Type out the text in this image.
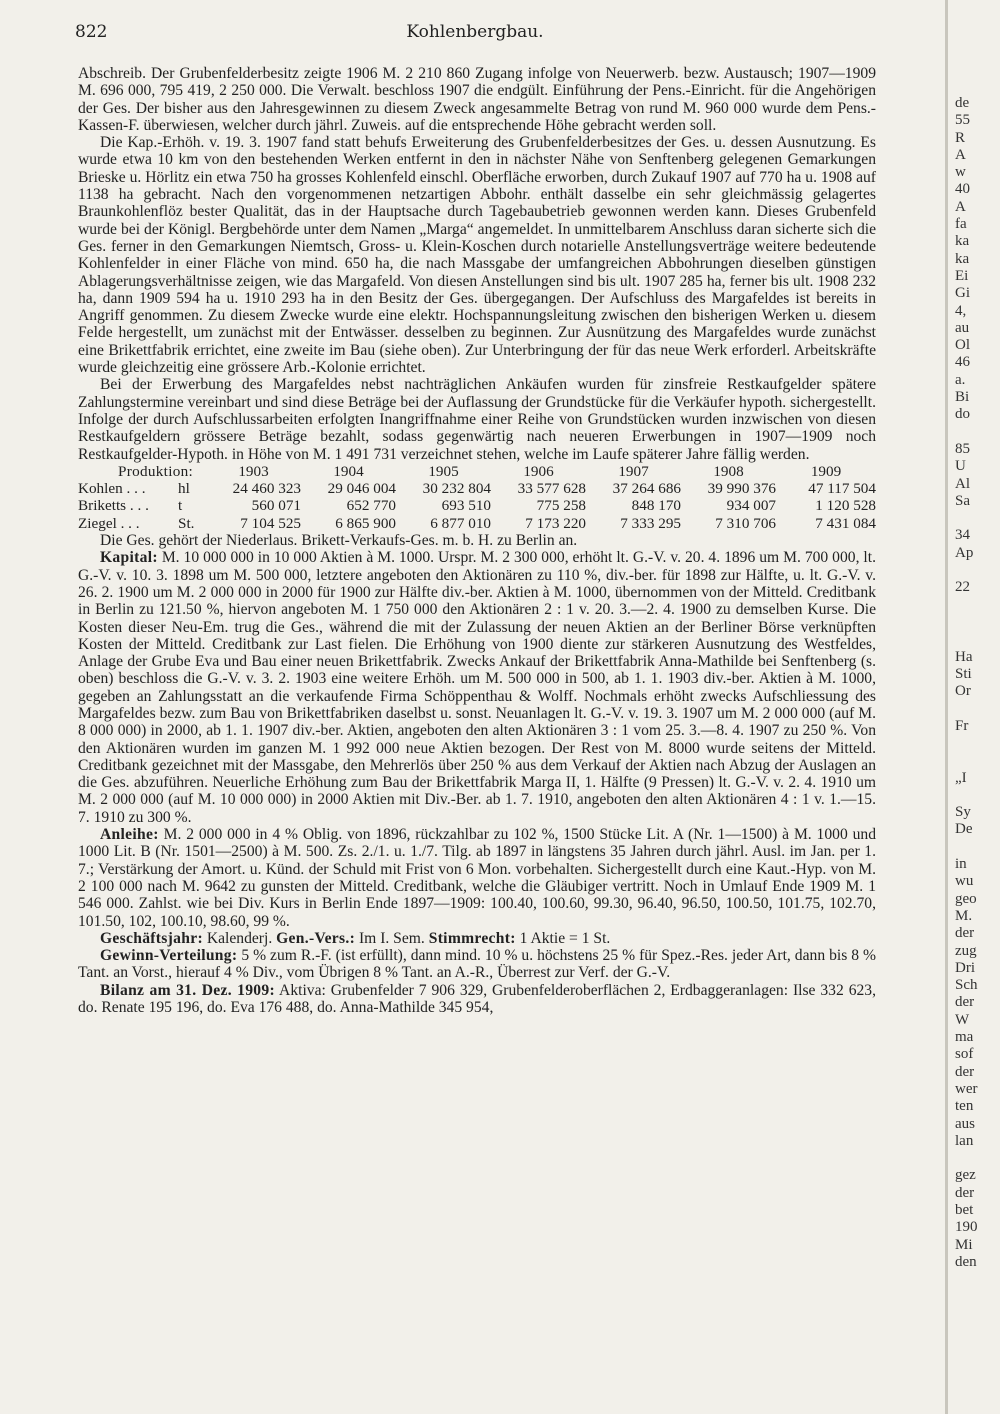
822	Kohlenbergbau.

Abschreib. Der Grubenfelderbesitz zeigte 1906 M. 2 210 860 Zugang infolge von Neuerwerb. bezw. Austausch; 1907—1909 M. 696 000, 795 419, 2 250 000. Die Verwalt. beschloss 1907 die endgült. Einführung der Pens.-Einricht. für die Angehörigen der Ges. Der bisher aus den Jahresgewinnen zu diesem Zweck angesammelte Betrag von rund M. 960 000 wurde dem Pens.-Kassen-F. überwiesen, welcher durch jährl. Zuweis. auf die entsprechende Höhe gebracht werden soll.

Die Kap.-Erhöh. v. 19. 3. 1907 fand statt behufs Erweiterung des Grubenfelderbesitzes der Ges. u. dessen Ausnutzung. Es wurde etwa 10 km von den bestehenden Werken entfernt in den in nächster Nähe von Senftenberg gelegenen Gemarkungen Brieske u. Hörlitz ein etwa 750 ha grosses Kohlenfeld einschl. Oberfläche erworben, durch Zukauf 1907 auf 770 ha u. 1908 auf 1138 ha gebracht. Nach den vorgenommenen netzartigen Abbohr. enthält dasselbe ein sehr gleichmässig gelagertes Braunkohlenflöz bester Qualität, das in der Hauptsache durch Tagebaubetrieb gewonnen werden kann. Dieses Grubenfeld wurde bei der Königl. Bergbehörde unter dem Namen „Marga“ angemeldet. In unmittelbarem Anschluss daran sicherte sich die Ges. ferner in den Gemarkungen Niemtsch, Gross- u. Klein-Koschen durch notarielle Anstellungsverträge weitere bedeutende Kohlenfelder in einer Fläche von mind. 650 ha, die nach Massgabe der umfangreichen Abbohrungen dieselben günstigen Ablagerungsverhältnisse zeigen, wie das Margafeld. Von diesen Anstellungen sind bis ult. 1907 285 ha, ferner bis ult. 1908 232 ha, dann 1909 594 ha u. 1910 293 ha in den Besitz der Ges. übergegangen. Der Aufschluss des Margafeldes ist bereits in Angriff genommen. Zu diesem Zwecke wurde eine elektr. Hochspannungsleitung zwischen den bisherigen Werken u. diesem Felde hergestellt, um zunächst mit der Entwässer. desselben zu beginnen. Zur Ausnützung des Margafeldes wurde zunächst eine Brikettfabrik errichtet, eine zweite im Bau (siehe oben). Zur Unterbringung der für das neue Werk erforderl. Arbeitskräfte wurde gleichzeitig eine grössere Arb.-Kolonie errichtet.

Bei der Erwerbung des Margafeldes nebst nachträglichen Ankäufen wurden für zinsfreie Restkaufgelder spätere Zahlungstermine vereinbart und sind diese Beträge bei der Auflassung der Grundstücke für die Verkäufer hypoth. sichergestellt. Infolge der durch Aufschlussarbeiten erfolgten Inangriffnahme einer Reihe von Grundstücken wurden inzwischen von diesen Restkaufgeldern grössere Beträge bezahlt, sodass gegenwärtig nach neueren Erwerbungen in 1907—1909 noch Restkaufgelder-Hypoth. in Höhe von M. 1 491 731 verzeichnet stehen, welche im Laufe späterer Jahre fällig werden.

Produktion:		1903	1904	1905	1906	1907	1908	1909
Kohlen . . .	hl	24 460 323	29 046 004	30 232 804	33 577 628	37 264 686	39 990 376	47 117 504
Briketts . . .	t	560 071	652 770	693 510	775 258	848 170	934 007	1 120 528
Ziegel . . .	St.	7 104 525	6 865 900	6 877 010	7 173 220	7 333 295	7 310 706	7 431 084

Die Ges. gehört der Niederlaus. Brikett-Verkaufs-Ges. m. b. H. zu Berlin an.

Kapital: M. 10 000 000 in 10 000 Aktien à M. 1000. Urspr. M. 2 300 000, erhöht lt. G.-V. v. 20. 4. 1896 um M. 700 000, lt. G.-V. v. 10. 3. 1898 um M. 500 000, letztere angeboten den Aktionären zu 110 %, div.-ber. für 1898 zur Hälfte, u. lt. G.-V. v. 26. 2. 1900 um M. 2 000 000 in 2000 für 1900 zur Hälfte div.-ber. Aktien à M. 1000, übernommen von der Mitteld. Creditbank in Berlin zu 121.50 %, hiervon angeboten M. 1 750 000 den Aktionären 2 : 1 v. 20. 3.—2. 4. 1900 zu demselben Kurse. Die Kosten dieser Neu-Em. trug die Ges., während die mit der Zulassung der neuen Aktien an der Berliner Börse verknüpften Kosten der Mitteld. Creditbank zur Last fielen. Die Erhöhung von 1900 diente zur stärkeren Ausnutzung des Westfeldes, Anlage der Grube Eva und Bau einer neuen Brikettfabrik. Zwecks Ankauf der Brikettfabrik Anna-Mathilde bei Senftenberg (s. oben) beschloss die G.-V. v. 3. 2. 1903 eine weitere Erhöh. um M. 500 000 in 500, ab 1. 1. 1903 div.-ber. Aktien à M. 1000, gegeben an Zahlungsstatt an die verkaufende Firma Schöppenthau & Wolff. Nochmals erhöht zwecks Aufschliessung des Margafeldes bezw. zum Bau von Brikettfabriken daselbst u. sonst. Neuanlagen lt. G.-V. v. 19. 3. 1907 um M. 2 000 000 (auf M. 8 000 000) in 2000, ab 1. 1. 1907 div.-ber. Aktien, angeboten den alten Aktionären 3 : 1 vom 25. 3.—8. 4. 1907 zu 250 %. Von den Aktionären wurden im ganzen M. 1 992 000 neue Aktien bezogen. Der Rest von M. 8000 wurde seitens der Mitteld. Creditbank gezeichnet mit der Massgabe, den Mehrerlös über 250 % aus dem Verkauf der Aktien nach Abzug der Auslagen an die Ges. abzuführen. Neuerliche Erhöhung zum Bau der Brikettfabrik Marga II, 1. Hälfte (9 Pressen) lt. G.-V. v. 2. 4. 1910 um M. 2 000 000 (auf M. 10 000 000) in 2000 Aktien mit Div.-Ber. ab 1. 7. 1910, angeboten den alten Aktionären 4 : 1 v. 1.—15. 7. 1910 zu 300 %.

Anleihe: M. 2 000 000 in 4 % Oblig. von 1896, rückzahlbar zu 102 %, 1500 Stücke Lit. A (Nr. 1—1500) à M. 1000 und 1000 Lit. B (Nr. 1501—2500) à M. 500. Zs. 2./1. u. 1./7. Tilg. ab 1897 in längstens 35 Jahren durch jährl. Ausl. im Jan. per 1. 7.; Verstärkung der Amort. u. Künd. der Schuld mit Frist von 6 Mon. vorbehalten. Sichergestellt durch eine Kaut.-Hyp. von M. 2 100 000 nach M. 9642 zu gunsten der Mitteld. Creditbank, welche die Gläubiger vertritt. Noch in Umlauf Ende 1909 M. 1 546 000. Zahlst. wie bei Div. Kurs in Berlin Ende 1897—1909: 100.40, 100.60, 99.30, 96.40, 96.50, 100.50, 101.75, 102.70, 101.50, 102, 100.10, 98.60, 99 %.

Geschäftsjahr: Kalenderj. Gen.-Vers.: Im I. Sem. Stimmrecht: 1 Aktie = 1 St.

Gewinn-Verteilung: 5 % zum R.-F. (ist erfüllt), dann mind. 10 % u. höchstens 25 % für Spez.-Res. jeder Art, dann bis 8 % Tant. an Vorst., hierauf 4 % Div., vom Übrigen 8 % Tant. an A.-R., Überrest zur Verf. der G.-V.

Bilanz am 31. Dez. 1909: Aktiva: Grubenfelder 7 906 329, Grubenfelderoberflächen 2, Erdbaggeranlagen: Ilse 332 623, do. Renate 195 196, do. Eva 176 488, do. Anna-Mathilde 345 954,

de
55
R
A
w
40
A
fa
ka
ka
Ei
Gi
4,
au
Ol
46
a.
Bi
do
85
U
Al
Sa
34
Ap
22
Ha
Sti
Or
Fr
„I
Sy
De
in
wu
geo
M.
der
zug
Dri
Sch
der
W
ma
sof
der
wer
ten
aus
lan
gez
der
bet
190
Mi
den
